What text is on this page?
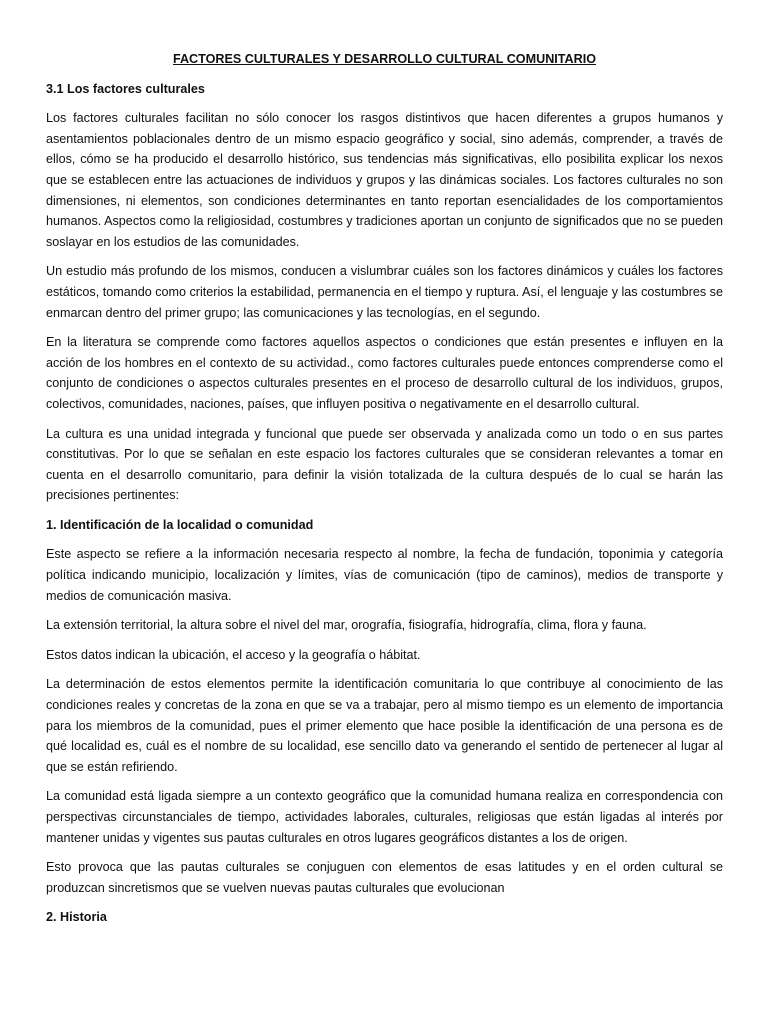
FACTORES CULTURALES Y DESARROLLO CULTURAL COMUNITARIO
3.1 Los factores culturales

Los factores culturales facilitan no sólo conocer los rasgos distintivos que hacen diferentes a grupos humanos y asentamientos poblacionales dentro de un mismo espacio geográfico y social, sino además, comprender, a través de ellos, cómo se ha producido el desarrollo histórico, sus tendencias más significativas, ello posibilita explicar los nexos que se establecen entre las actuaciones de individuos y grupos y las dinámicas sociales. Los factores culturales no son dimensiones, ni elementos, son condiciones determinantes en tanto reportan esencialidades de los comportamientos humanos. Aspectos como la religiosidad, costumbres y tradiciones aportan un conjunto de significados que no se pueden soslayar en los estudios de las comunidades.

Un estudio más profundo de los mismos, conducen a vislumbrar cuáles son los factores dinámicos y cuáles los factores estáticos, tomando como criterios la estabilidad, permanencia en el tiempo y ruptura. Así, el lenguaje y las costumbres se enmarcan dentro del primer grupo; las comunicaciones y las tecnologías, en el segundo.

En la literatura se comprende como factores aquellos aspectos o condiciones que están presentes e influyen en la acción de los hombres en el contexto de su actividad., como factores culturales puede entonces comprenderse como el conjunto de condiciones o aspectos culturales presentes en el proceso de desarrollo cultural de los individuos, grupos, colectivos, comunidades, naciones, países, que influyen positiva o negativamente en el desarrollo cultural.

La cultura es una unidad integrada y funcional que puede ser observada y analizada como un todo o en sus partes constitutivas. Por lo que se señalan en este espacio los factores culturales que se consideran relevantes a tomar en cuenta en el desarrollo comunitario, para definir la visión totalizada de la cultura después de lo cual se harán las precisiones pertinentes:

1. Identificación de la localidad o comunidad

Este aspecto se refiere a la información necesaria respecto al nombre, la fecha de fundación, toponimia y categoría política indicando municipio, localización y límites, vías de comunicación (tipo de caminos), medios de transporte y medios de comunicación masiva.

La extensión territorial, la altura sobre el nivel del mar, orografía, fisiografía, hidrografía, clima, flora y fauna.

Estos datos indican la ubicación, el acceso y la geografía o hábitat.

La determinación de estos elementos permite la identificación comunitaria lo que contribuye al conocimiento de las condiciones reales y concretas de la zona en que se va a trabajar, pero al mismo tiempo es un elemento de importancia para los miembros de la comunidad, pues el primer elemento que hace posible la identificación de una persona es de qué localidad es, cuál es el nombre de su localidad, ese sencillo dato va generando el sentido de pertenecer al lugar al que se están refiriendo.

La comunidad está ligada siempre a un contexto geográfico que la comunidad humana realiza en correspondencia con perspectivas circunstanciales de tiempo, actividades laborales, culturales, religiosas que están ligadas al interés por mantener unidas y vigentes sus pautas culturales en otros lugares geográficos distantes a los de origen.

Esto provoca que las pautas culturales se conjuguen con elementos de esas latitudes y en el orden cultural se produzcan sincretismos que se vuelven nuevas pautas culturales que evolucionan

2. Historia
